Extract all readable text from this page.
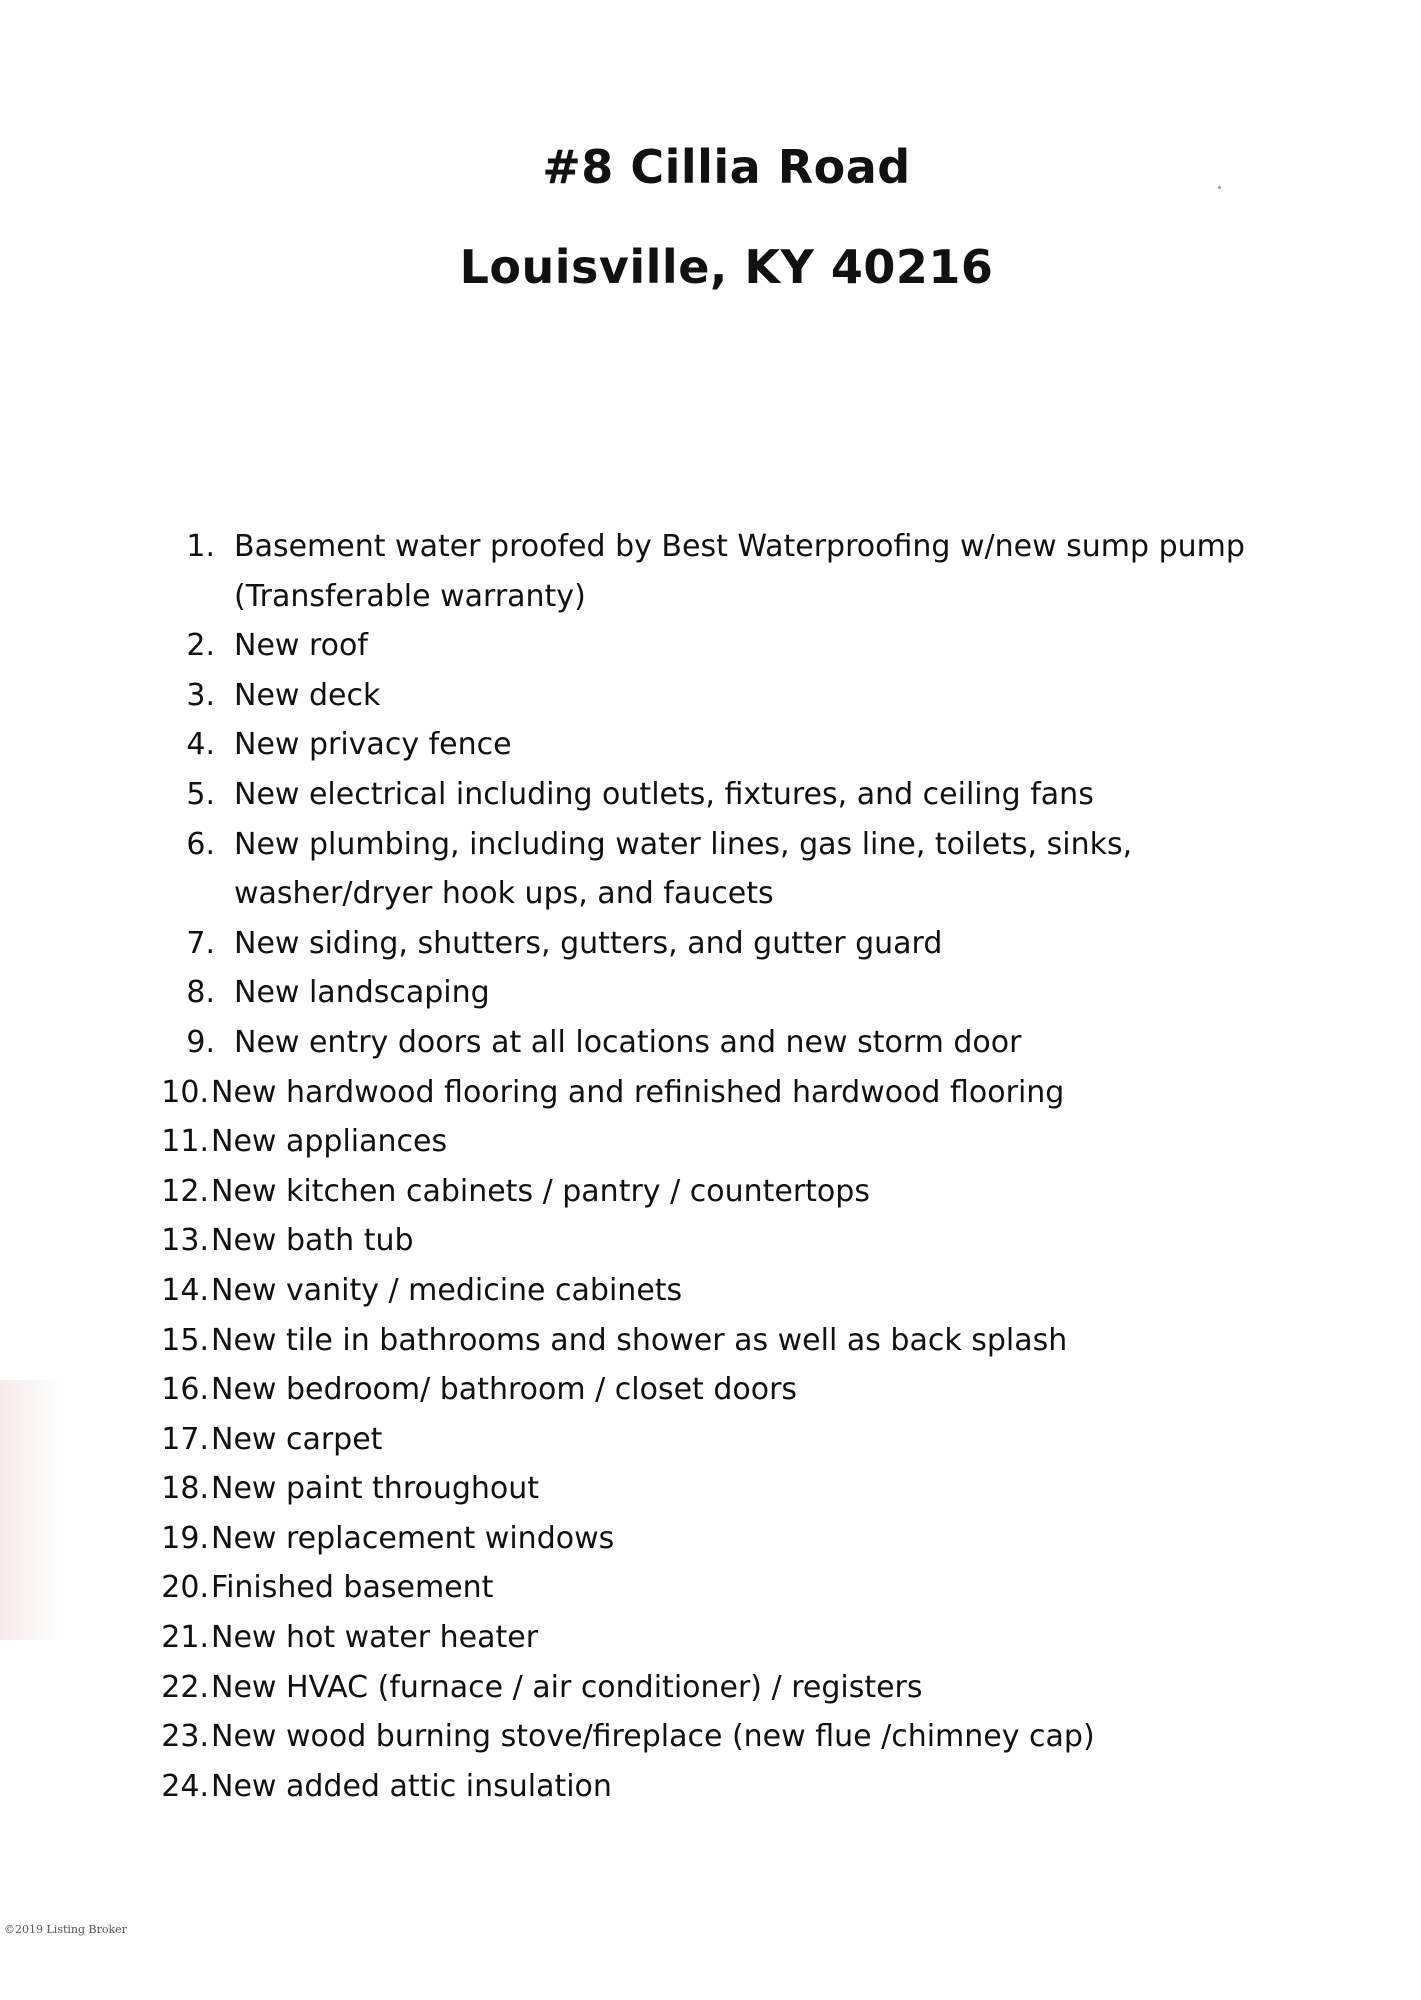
#8 Cillia Road
Louisville, KY 40216
1. Basement water proofed by Best Waterproofing w/new sump pump (Transferable warranty)
2. New roof
3. New deck
4. New privacy fence
5. New electrical including outlets, fixtures, and ceiling fans
6. New plumbing, including water lines, gas line, toilets, sinks, washer/dryer hook ups, and faucets
7. New siding, shutters, gutters, and gutter guard
8. New landscaping
9. New entry doors at all locations and new storm door
10. New hardwood flooring and refinished hardwood flooring
11. New appliances
12. New kitchen cabinets / pantry / countertops
13. New bath tub
14. New vanity / medicine cabinets
15. New tile in bathrooms and shower as well as back splash
16. New bedroom/ bathroom / closet doors
17. New carpet
18. New paint throughout
19. New replacement windows
20. Finished basement
21. New hot water heater
22. New HVAC (furnace / air conditioner) / registers
23. New wood burning stove/fireplace (new flue /chimney cap)
24. New added attic insulation
©2019 Listing Broker
